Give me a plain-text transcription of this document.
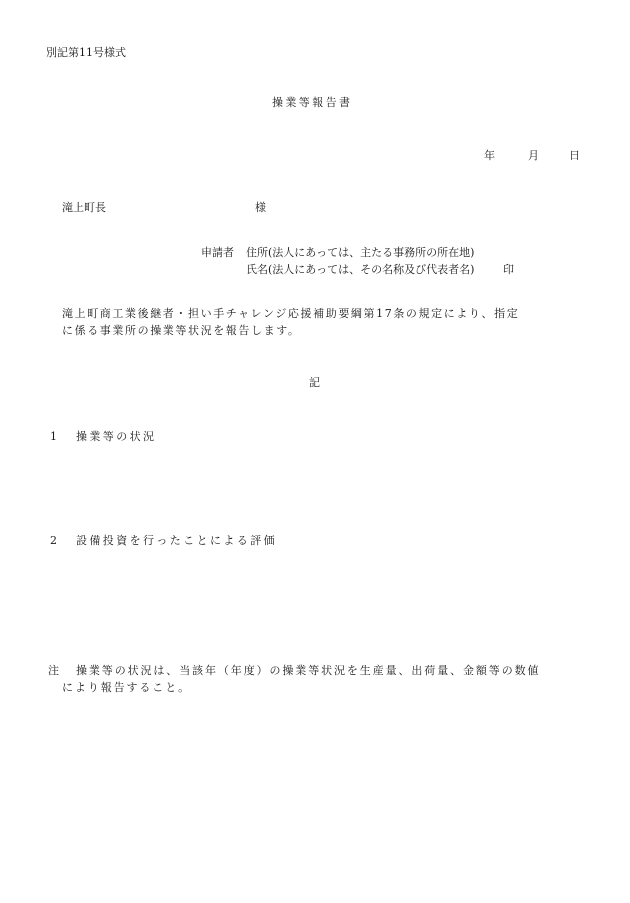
別記第11号様式
操業等報告書
年	月	日
滝上町長	様
申請者 住所(法人にあっては、主たる事務所の所在地)
氏名(法人にあっては、その名称及び代表者名)	印
滝上町商工業後継者・担い手チャレンジ応援補助要綱第17条の規定により、指定
に係る事業所の操業等状況を報告します。
記
1 操業等の状況
2 設備投資を行ったことによる評価
注 操業等の状況は、当該年（年度）の操業等状況を生産量、出荷量、金額等の数値
により報告すること。
